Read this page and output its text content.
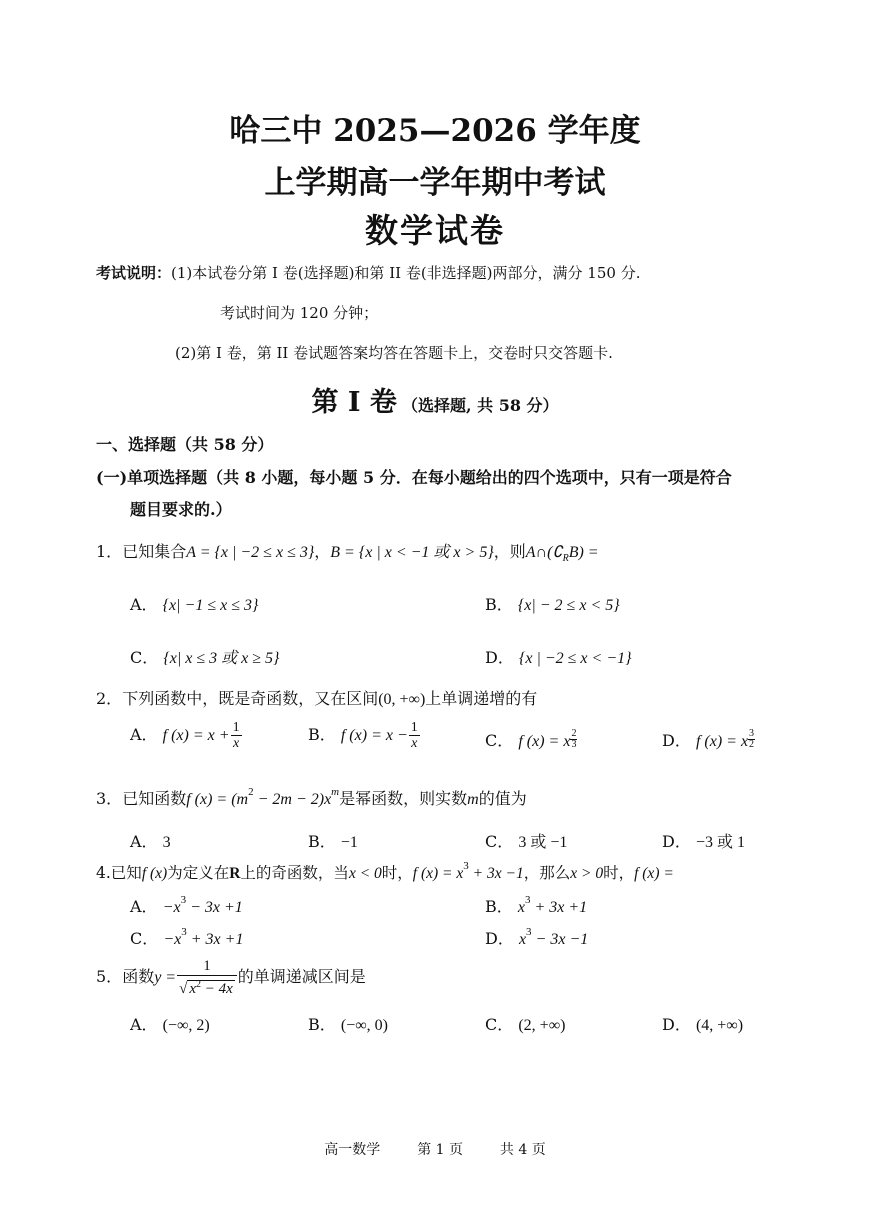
哈三中 2025—2026 学年度
上学期高一学年期中考试
数学试卷
考试说明：(1)本试卷分第 I 卷(选择题)和第 II 卷(非选择题)两部分，满分 150 分.
考试时间为 120 分钟；
(2)第 I 卷，第 II 卷试题答案均答在答题卡上，交卷时只交答题卡.
第 I 卷 （选择题, 共 58 分）
一、选择题（共 58 分）
(一)单项选择题（共 8 小题，每小题 5 分．在每小题给出的四个选项中，只有一项是符合
题目要求的.）
1．已知集合A = {x | −2 ≤ x ≤ 3}，B = {x | x < −1 或 x > 5}，则$A\cap(∁_RB)$ =
A． {x| −1 ≤ x ≤ 3}	B． {x| − 2 ≤ x < 5}
C． {x| x ≤ 3 或 x ≥ 5}	D． {x | −2 ≤ x < −1}
2．下列函数中，既是奇函数，又在区间(0, +∞)上单调递增的有
A． f $(x) = x + \frac{1}{x}$	B． f $(x) = x - \frac{1}{x}$	C． f (x) = x $\frac{2}{3}$	D． f (x) = x $\frac{3}{2}$
3．已知函数f $(x) = (m^2 - 2m - 2)x^m$是幂函数，则实数m的值为
A． 3	B． −1	C． 3 或 −1	D． −3 或 1
4.已知f (x)为定义在R上的奇函数，当x < 0时，f $(x) = x^3 + 3x -1$，那么x > 0时，f (x) =
A． $-x^3 - 3x +1$	B． $x^3 + 3x +1$
C． $-x^3 + 3x +1$	D． $x^3 - 3x -1$
5．函数$y = \frac{1}{√ x^2 - 4x}$ 的单调递减区间是
A． (−∞, 2)	B． (−∞, 0)	C． (2, +∞)	D． (4, +∞)
高一数学	第 1 页	共 4 页
